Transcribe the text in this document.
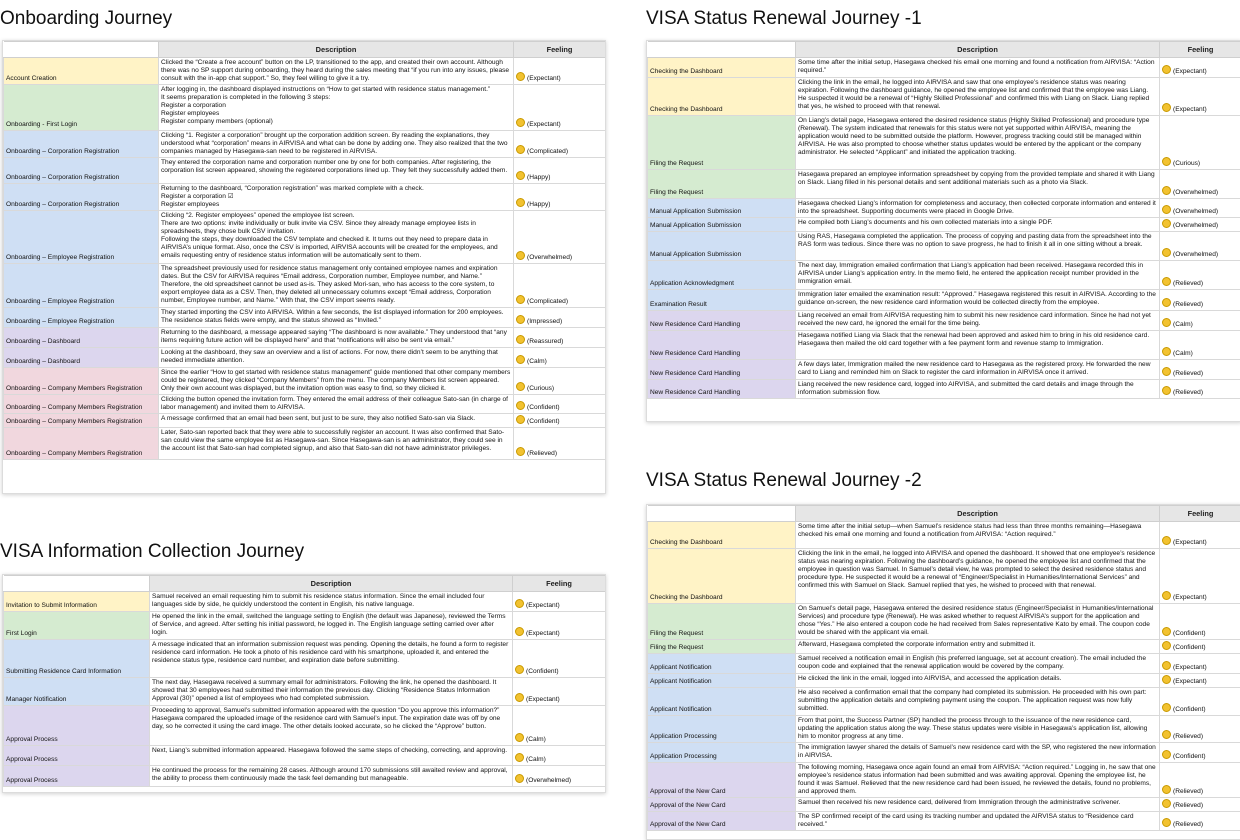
Onboarding Journey
	Description	Feeling
Account Creation	Clicked the “Create a free account” button on the LP, transitioned to the app, and created their own account. Although there was no SP support during onboarding, they heard during the sales meeting that “if you run into any issues, please consult with the in-app chat support.” So, they feel willing to give it a try.	(Expectant)
Onboarding - First Login	After logging in, the dashboard displayed instructions on “How to get started with residence status management.”
It seems preparation is completed in the following 3 steps:
Register a corporation
Register employees
Register company members (optional)	(Expectant)
Onboarding – Corporation Registration	Clicking “1. Register a corporation” brought up the corporation addition screen. By reading the explanations, they understood what “corporation” means in AIRVISA and what can be done by adding one. They also realized that the two companies managed by Hasegawa-san need to be registered in AIRVISA.	(Complicated)
Onboarding – Corporation Registration	They entered the corporation name and corporation number one by one for both companies. After registering, the corporation list screen appeared, showing the registered corporations lined up. They felt they successfully added them.	(Happy)
Onboarding – Corporation Registration	Returning to the dashboard, “Corporation registration” was marked complete with a check.
Register a corporation ☑
Register employees	(Happy)
Onboarding – Employee Registration	Clicking “2. Register employees” opened the employee list screen.
There are two options: invite individually or bulk invite via CSV. Since they already manage employee lists in spreadsheets, they chose bulk CSV invitation.
Following the steps, they downloaded the CSV template and checked it. It turns out they need to prepare data in AIRVISA’s unique format. Also, once the CSV is imported, AIRVISA accounts will be created for the employees, and emails requesting entry of residence status information will be automatically sent to them.	(Overwhelmed)
Onboarding – Employee Registration	The spreadsheet previously used for residence status management only contained employee names and expiration dates. But the CSV for AIRVISA requires “Email address, Corporation number, Employee number, and Name.” Therefore, the old spreadsheet cannot be used as-is. They asked Mori-san, who has access to the core system, to export employee data as a CSV. Then, they deleted all unnecessary columns except “Email address, Corporation number, Employee number, and Name.” With that, the CSV import seems ready.	(Complicated)
Onboarding – Employee Registration	They started importing the CSV into AIRVISA. Within a few seconds, the list displayed information for 200 employees. The residence status fields were empty, and the status showed as “Invited.”	(Impressed)
Onboarding – Dashboard	Returning to the dashboard, a message appeared saying “The dashboard is now available.” They understood that “any items requiring future action will be displayed here” and that “notifications will also be sent via email.”	(Reassured)
Onboarding – Dashboard	Looking at the dashboard, they saw an overview and a list of actions. For now, there didn’t seem to be anything that needed immediate attention.	(Calm)
Onboarding – Company Members Registration	Since the earlier “How to get started with residence status management” guide mentioned that other company members could be registered, they clicked “Company Members” from the menu. The company Members list screen appeared. Only their own account was displayed, but the invitation option was easy to find, so they clicked it.	(Curious)
Onboarding – Company Members Registration	Clicking the button opened the invitation form. They entered the email address of their colleague Sato-san (in charge of labor management) and invited them to AIRVISA.	(Confident)
Onboarding – Company Members Registration	A message confirmed that an email had been sent, but just to be sure, they also notified Sato-san via Slack.	(Confident)
Onboarding – Company Members Registration	Later, Sato-san reported back that they were able to successfully register an account. It was also confirmed that Sato-san could view the same employee list as Hasegawa-san. Since Hasegawa-san is an administrator, they could see in the account list that Sato-san had completed signup, and also that Sato-san did not have administrator privileges.	(Relieved)
VISA Information Collection Journey
	Description	Feeling
Invitation to Submit Information	Samuel received an email requesting him to submit his residence status information. Since the email included four languages side by side, he quickly understood the content in English, his native language.	(Expectant)
First Login	He opened the link in the email, switched the language setting to English (the default was Japanese), reviewed the Terms of Service, and agreed. After setting his initial password, he logged in. The English language setting carried over after login.	(Expectant)
Submitting Residence Card Information	A message indicated that an information submission request was pending. Opening the details, he found a form to register residence card information. He took a photo of his residence card with his smartphone, uploaded it, and entered the residence status type, residence card number, and expiration date before submitting.	(Confident)
Manager Notification	The next day, Hasegawa received a summary email for administrators. Following the link, he opened the dashboard. It showed that 30 employees had submitted their information the previous day. Clicking “Residence Status Information Approval (30)” opened a list of employees who had completed submission.	(Expectant)
Approval Process	Proceeding to approval, Samuel’s submitted information appeared with the question “Do you approve this information?” Hasegawa compared the uploaded image of the residence card with Samuel’s input. The expiration date was off by one day, so he corrected it using the card image. The other details looked accurate, so he clicked the “Approve” button.	(Calm)
Approval Process	Next, Liang’s submitted information appeared. Hasegawa followed the same steps of checking, correcting, and approving.	(Calm)
Approval Process	He continued the process for the remaining 28 cases. Although around 170 submissions still awaited review and approval, the ability to process them continuously made the task feel demanding but manageable.	(Overwhelmed)
VISA Status Renewal Journey -1
	Description	Feeling
Checking the Dashboard	Some time after the initial setup, Hasegawa checked his email one morning and found a notification from AIRVISA: “Action required.”	(Expectant)
Checking the Dashboard	Clicking the link in the email, he logged into AIRVISA and saw that one employee’s residence status was nearing expiration. Following the dashboard guidance, he opened the employee list and confirmed that the employee was Liang. He suspected it would be a renewal of “Highly Skilled Professional” and confirmed this with Liang on Slack. Liang replied that yes, he wished to proceed with that renewal.	(Expectant)
Filing the Request	On Liang’s detail page, Hasegawa entered the desired residence status (Highly Skilled Professional) and procedure type (Renewal). The system indicated that renewals for this status were not yet supported within AIRVISA, meaning the application would need to be submitted outside the platform. However, progress tracking could still be managed within AIRVISA. He was also prompted to choose whether status updates would be entered by the applicant or the company administrator. He selected “Applicant” and initiated the application tracking.	(Curious)
Filing the Request	Hasegawa prepared an employee information spreadsheet by copying from the provided template and shared it with Liang on Slack. Liang filled in his personal details and sent additional materials such as a photo via Slack.	(Overwhelmed)
Manual Application Submission	Hasegawa checked Liang’s information for completeness and accuracy, then collected corporate information and entered it into the spreadsheet. Supporting documents were placed in Google Drive.	(Overwhelmed)
Manual Application Submission	He compiled both Liang’s documents and his own collected materials into a single PDF.	(Overwhelmed)
Manual Application Submission	Using RAS, Hasegawa completed the application. The process of copying and pasting data from the spreadsheet into the RAS form was tedious. Since there was no option to save progress, he had to finish it all in one sitting without a break.	(Overwhelmed)
Application Acknowledgment	The next day, Immigration emailed confirmation that Liang’s application had been received. Hasegawa recorded this in AIRVISA under Liang’s application entry. In the memo field, he entered the application receipt number provided in the Immigration email.	(Relieved)
Examination Result	Immigration later emailed the examination result: “Approved.” Hasegawa registered this result in AIRVISA. According to the guidance on-screen, the new residence card information would be collected directly from the employee.	(Relieved)
New Residence Card Handling	Liang received an email from AIRVISA requesting him to submit his new residence card information. Since he had not yet received the new card, he ignored the email for the time being.	(Calm)
New Residence Card Handling	Hasegawa notified Liang via Slack that the renewal had been approved and asked him to bring in his old residence card. Hasegawa then mailed the old card together with a fee payment form and revenue stamp to Immigration.	(Calm)
New Residence Card Handling	A few days later, Immigration mailed the new residence card to Hasegawa as the registered proxy. He forwarded the new card to Liang and reminded him on Slack to register the card information in AIRVISA once it arrived.	(Relieved)
New Residence Card Handling	Liang received the new residence card, logged into AIRVISA, and submitted the card details and image through the information submission flow.	(Relieved)
VISA Status Renewal Journey -2
	Description	Feeling
Checking the Dashboard	Some time after the initial setup—when Samuel’s residence status had less than three months remaining—Hasegawa checked his email one morning and found a notification from AIRVISA: “Action required.”	(Expectant)
Checking the Dashboard	Clicking the link in the email, he logged into AIRVISA and opened the dashboard. It showed that one employee’s residence status was nearing expiration. Following the dashboard’s guidance, he opened the employee list and confirmed that the employee in question was Samuel. In Samuel’s detail view, he was prompted to select the desired residence status and procedure type. He suspected it would be a renewal of “Engineer/Specialist in Humanities/International Services” and confirmed this with Samuel on Slack. Samuel replied that yes, he wished to proceed with that renewal.	(Expectant)
Filing the Request	On Samuel’s detail page, Hasegawa entered the desired residence status (Engineer/Specialist in Humanities/International Services) and procedure type (Renewal). He was asked whether to request AIRVISA’s support for the application and chose “Yes.” He also entered a coupon code he had received from Sales representative Kato by email. The coupon code would be shared with the applicant via email.	(Confident)
Filing the Request	Afterward, Hasegawa completed the corporate information entry and submitted it.	(Confident)
Applicant Notification	Samuel received a notification email in English (his preferred language, set at account creation). The email included the coupon code and explained that the renewal application would be covered by the company.	(Expectant)
Applicant Notification	He clicked the link in the email, logged into AIRVISA, and accessed the application details.	(Expectant)
Applicant Notification	He also received a confirmation email that the company had completed its submission. He proceeded with his own part: submitting the application details and completing payment using the coupon. The application request was now fully submitted.	(Confident)
Application Processing	From that point, the Success Partner (SP) handled the process through to the issuance of the new residence card, updating the application status along the way. These status updates were visible in Hasegawa’s application list, allowing him to monitor progress at any time.	(Relieved)
Application Processing	The immigration lawyer shared the details of Samuel’s new residence card with the SP, who registered the new information in AIRVISA.	(Confident)
Approval of the New Card	The following morning, Hasegawa once again found an email from AIRVISA: “Action required.” Logging in, he saw that one employee’s residence status information had been submitted and was awaiting approval. Opening the employee list, he found it was Samuel. Relieved that the new residence card had been issued, he reviewed the details, found no problems, and approved them.	(Relieved)
Approval of the New Card	Samuel then received his new residence card, delivered from Immigration through the administrative scrivener.	(Relieved)
Approval of the New Card	The SP confirmed receipt of the card using its tracking number and updated the AIRVISA status to “Residence card received.”	(Relieved)
